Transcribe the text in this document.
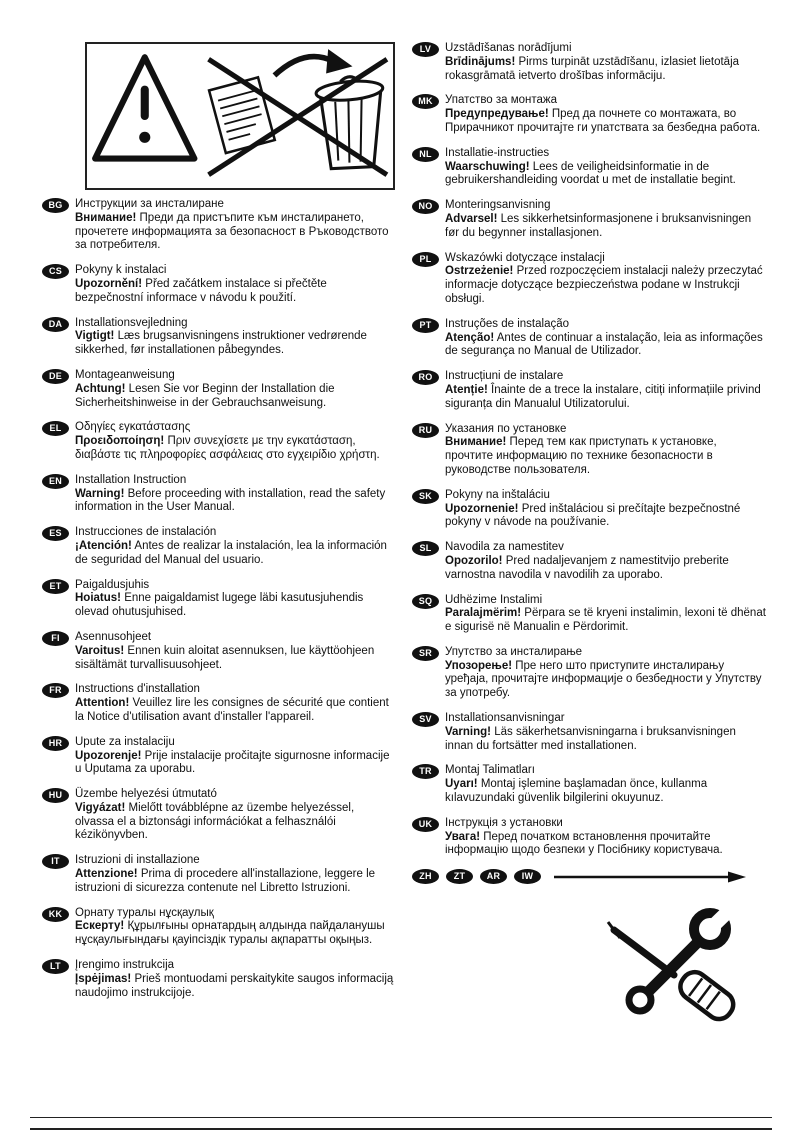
BG	Инструкции за инсталиране
Внимание! Преди да пристъпите към инсталирането, прочетете информацията за безопасност в Ръководството за потребителя.
CS	Pokyny k instalaci
Upozornění! Před začátkem instalace si přečtěte bezpečnostní informace v návodu k použití.
DA	Installationsvejledning
Vigtigt! Læs brugsanvisningens instruktioner vedrørende sikkerhed, før installationen påbegyndes.
DE	Montageanweisung
Achtung! Lesen Sie vor Beginn der Installation die Sicherheitshinweise in der Gebrauchsanweisung.
EL	Οδηγίες εγκατάστασης
Προειδοποίηση! Πριν συνεχίσετε με την εγκατάσταση, διαβάστε τις πληροφορίες ασφάλειας στο εγχειρίδιο χρήστη.
EN	Installation Instruction
Warning! Before proceeding with installation, read the safety information in the User Manual.
ES	Instrucciones de instalación
¡Atención! Antes de realizar la instalación, lea la información de seguridad del Manual del usuario.
ET	Paigaldusjuhis
Hoiatus! Enne paigaldamist lugege läbi kasutusjuhendis olevad ohutusjuhised.
FI	Asennusohjeet
Varoitus! Ennen kuin aloitat asennuksen, lue käyttöohjeen sisältämät turvallisuusohjeet.
FR	Instructions d'installation
Attention! Veuillez lire les consignes de sécurité que contient la Notice d'utilisation avant d'installer l'appareil.
HR	Upute za instalaciju
Upozorenje! Prije instalacije pročitajte sigurnosne informacije u Uputama za uporabu.
HU	Üzembe helyezési útmutató
Vigyázat! Mielőtt továbblépne az üzembe helyezéssel, olvassa el a biztonsági információkat a felhasználói kézikönyvben.
IT	Istruzioni di installazione
Attenzione! Prima di procedere all'installazione, leggere le istruzioni di sicurezza contenute nel Libretto Istruzioni.
KK	Орнату туралы нұсқаулық
Ескерту! Құрылғыны орнатардың алдында пайдаланушы нұсқаулығындағы қауіпсіздік туралы ақпаратты оқыңыз.
LT	Įrengimo instrukcija
Įspėjimas! Prieš montuodami perskaitykite saugos informaciją naudojimo instrukcijoje.
LV	Uzstādīšanas norādījumi
Brīdinājums! Pirms turpināt uzstādīšanu, izlasiet lietotāja rokasgrāmatā ietverto drošības informāciju.
MK	Упатство за монтажа
Предупредување! Пред да почнете со монтажата, во Прирачникот прочитајте ги упатствата за безбедна работа.
NL	Installatie-instructies
Waarschuwing! Lees de veiligheidsinformatie in de gebruikershandleiding voordat u met de installatie begint.
NO	Monteringsanvisning
Advarsel! Les sikkerhetsinformasjonene i bruksanvisningen før du begynner installasjonen.
PL	Wskazówki dotyczące instalacji
Ostrzeżenie! Przed rozpoczęciem instalacji należy przeczytać informacje dotyczące bezpieczeństwa podane w Instrukcji obsługi.
PT	Instruções de instalação
Atenção! Antes de continuar a instalação, leia as informações de segurança no Manual de Utilizador.
RO	Instrucțiuni de instalare
Atenție! Înainte de a trece la instalare, citiți informațiile privind siguranța din Manualul Utilizatorului.
RU	Указания по установке
Внимание! Перед тем как приступать к установке, прочтите информацию по технике безопасности в руководстве пользователя.
SK	Pokyny na inštaláciu
Upozornenie! Pred inštaláciou si prečítajte bezpečnostné pokyny v návode na používanie.
SL	Navodila za namestitev
Opozorilo! Pred nadaljevanjem z namestitvijo preberite varnostna navodila v navodilih za uporabo.
SQ	Udhëzime Instalimi
Paralajmërim! Përpara se të kryeni instalimin, lexoni të dhënat e sigurisë në Manualin e Përdorimit.
SR	Упутство за инсталирање
Упозорење! Пре него што приступите инсталирању уређаја, прочитајте информације о безбедности у Упутству за употребу.
SV	Installationsanvisningar
Varning! Läs säkerhetsanvisningarna i bruksanvisningen innan du fortsätter med installationen.
TR	Montaj Talimatları
Uyarı! Montaj işlemine başlamadan önce, kullanma kılavuzundaki güvenlik bilgilerini okuyunuz.
UK	Інструкція з установки
Увага! Перед початком встановлення прочитайте інформацію щодо безпеки у Посібнику користувача.
ZH	ZT	AR	IW
